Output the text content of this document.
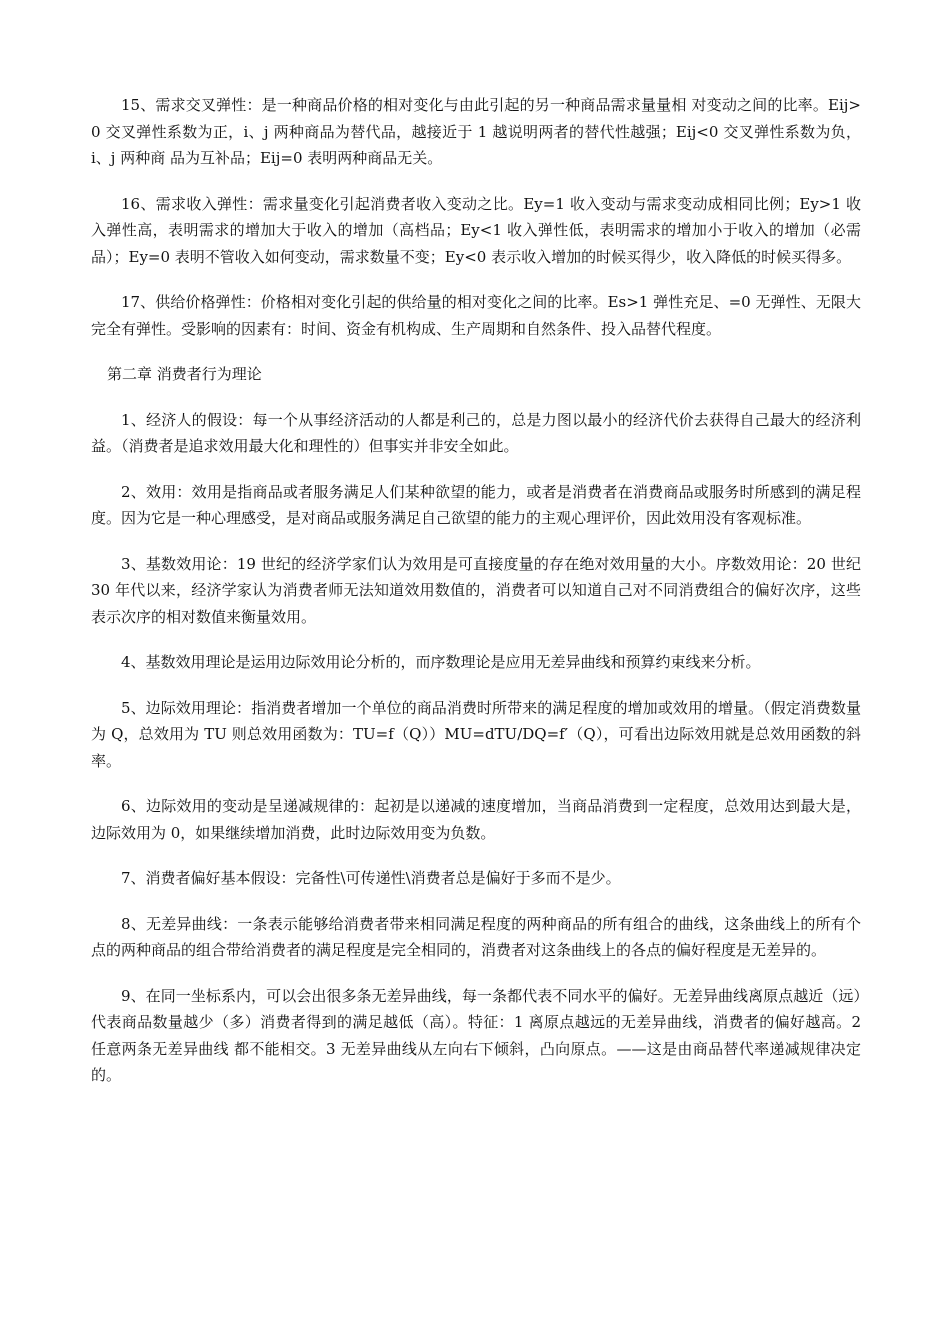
15、需求交叉弹性：是一种商品价格的相对变化与由此引起的另一种商品需求量量相 对变动之间的比率。Eij>0 交叉弹性系数为正，i、j 两种商品为替代品，越接近于 1 越说明两者的替代性越强；Eij<0 交叉弹性系数为负，i、j 两种商 品为互补品；Eij=0 表明两种商品无关。

16、需求收入弹性：需求量变化引起消费者收入变动之比。Ey=1 收入变动与需求变动成相同比例；Ey>1 收入弹性高，表明需求的增加大于收入的增加（高档品；Ey<1 收入弹性低，表明需求的增加小于收入的增加（必需品）；Ey=0 表明不管收入如何变动，需求数量不变；Ey<0 表示收入增加的时候买得少，收入降低的时候买得多。

17、供给价格弹性：价格相对变化引起的供给量的相对变化之间的比率。Es>1 弹性充足、=0 无弹性、无限大完全有弹性。受影响的因素有：时间、资金有机构成、生产周期和自然条件、投入品替代程度。

第二章 消费者行为理论

1、经济人的假设：每一个从事经济活动的人都是利己的，总是力图以最小的经济代价去获得自己最大的经济利益。（消费者是追求效用最大化和理性的）但事实并非安全如此。

2、效用：效用是指商品或者服务满足人们某种欲望的能力，或者是消费者在消费商品或服务时所感到的满足程度。因为它是一种心理感受，是对商品或服务满足自己欲望的能力的主观心理评价，因此效用没有客观标准。

3、基数效用论：19 世纪的经济学家们认为效用是可直接度量的存在绝对效用量的大小。序数效用论：20 世纪 30 年代以来，经济学家认为消费者师无法知道效用数值的，消费者可以知道自己对不同消费组合的偏好次序，这些表示次序的相对数值来衡量效用。

4、基数效用理论是运用边际效用论分析的，而序数理论是应用无差异曲线和预算约束线来分析。

5、边际效用理论：指消费者增加一个单位的商品消费时所带来的满足程度的增加或效用的增量。（假定消费数量为 Q，总效用为 TU 则总效用函数为：TU=f（Q））MU=dTU/DQ=f′（Q），可看出边际效用就是总效用函数的斜率。

6、边际效用的变动是呈递减规律的：起初是以递减的速度增加，当商品消费到一定程度，总效用达到最大是，边际效用为 0，如果继续增加消费，此时边际效用变为负数。

7、消费者偏好基本假设：完备性\可传递性\消费者总是偏好于多而不是少。

8、无差异曲线：一条表示能够给消费者带来相同满足程度的两种商品的所有组合的曲线，这条曲线上的所有个点的两种商品的组合带给消费者的满足程度是完全相同的，消费者对这条曲线上的各点的偏好程度是无差异的。

9、在同一坐标系内，可以会出很多条无差异曲线，每一条都代表不同水平的偏好。无差异曲线离原点越近（远）代表商品数量越少（多）消费者得到的满足越低（高）。特征：1 离原点越远的无差异曲线，消费者的偏好越高。2 任意两条无差异曲线 都不能相交。3 无差异曲线从左向右下倾斜，凸向原点。——这是由商品替代率递减规律决定的。
